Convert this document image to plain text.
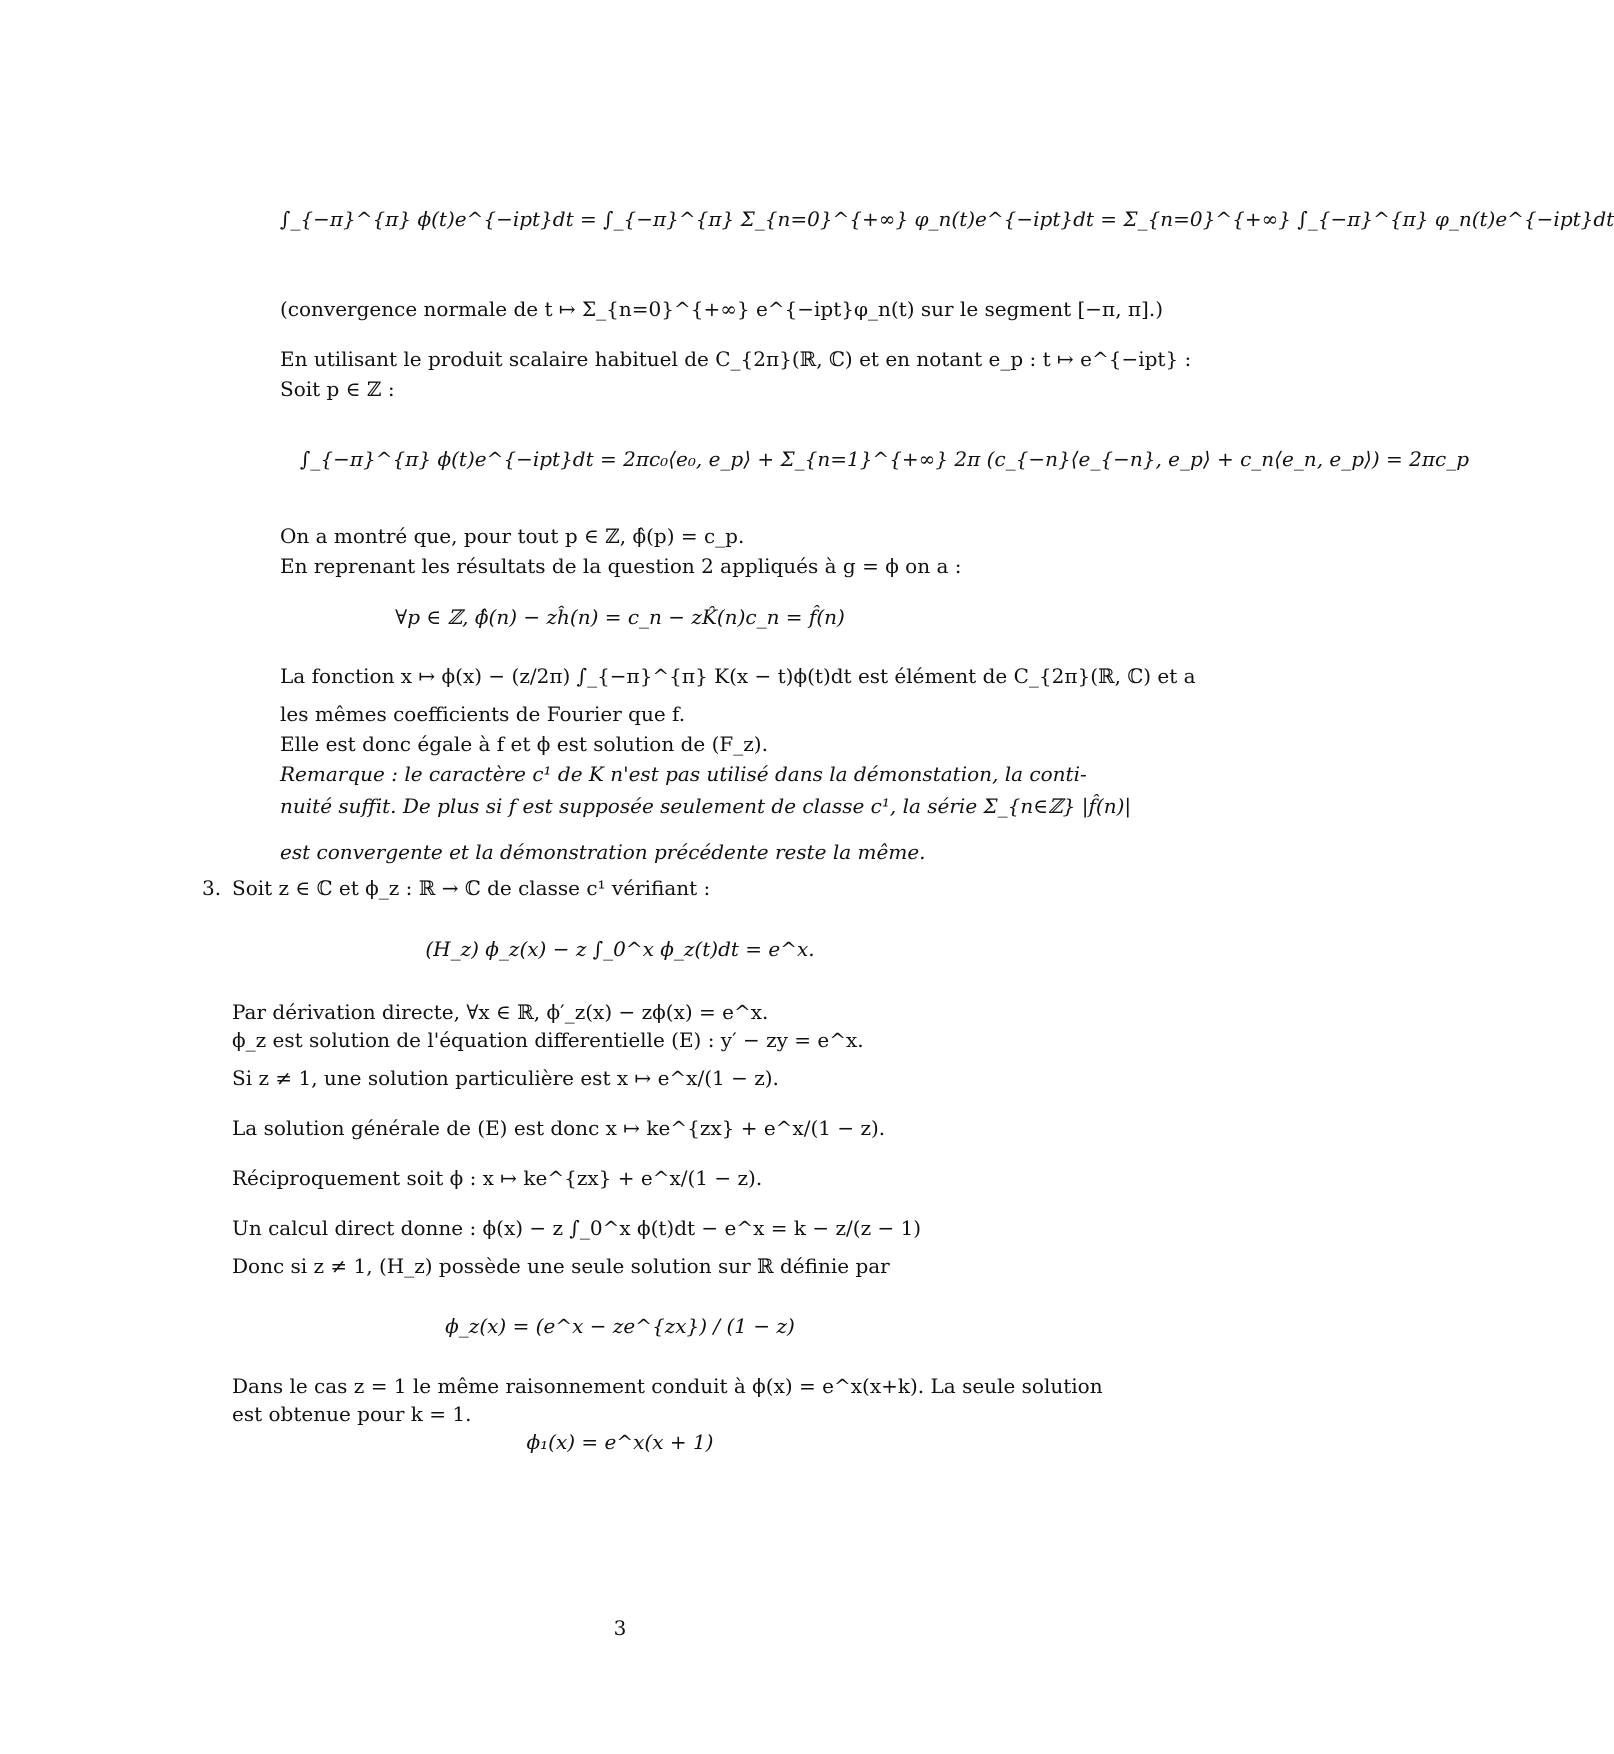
∫_{−π}^{π} ϕ(t)e^{−ipt}dt = ∫_{−π}^{π} Σ_{n=0}^{+∞} φ_n(t)e^{−ipt}dt = Σ_{n=0}^{+∞} ∫_{−π}^{π} φ_n(t)e^{−ipt}dt
(convergence normale de t ↦ Σ_{n=0}^{+∞} e^{−ipt}φ_n(t) sur le segment [−π, π].)
En utilisant le produit scalaire habituel de C_{2π}(ℝ, ℂ) et en notant e_p : t ↦ e^{−ipt} :
Soit p ∈ ℤ :
∫_{−π}^{π} ϕ(t)e^{−ipt}dt = 2πc₀⟨e₀, e_p⟩ + Σ_{n=1}^{+∞} 2π (c_{−n}⟨e_{−n}, e_p⟩ + c_n⟨e_n, e_p⟩) = 2πc_p
On a montré que, pour tout p ∈ ℤ, ϕ̂(p) = c_p.
En reprenant les résultats de la question 2 appliqués à g = ϕ on a :
∀p ∈ ℤ, ϕ̂(n) − zĥ(n) = c_n − zK̂(n)c_n = f̂(n)
La fonction x ↦ ϕ(x) − (z/2π) ∫_{−π}^{π} K(x − t)ϕ(t)dt est élément de C_{2π}(ℝ, ℂ) et a
les mêmes coefficients de Fourier que f.
Elle est donc égale à f et ϕ est solution de (F_z).
Remarque : le caractère c¹ de K n'est pas utilisé dans la démonstation, la conti-
nuité suffit. De plus si f est supposée seulement de classe c¹, la série Σ_{n∈ℤ} |f̂(n)|
est convergente et la démonstration précédente reste la même.
3. Soit z ∈ ℂ et ϕ_z : ℝ → ℂ de classe c¹ vérifiant :
(H_z) ϕ_z(x) − z ∫_0^x ϕ_z(t)dt = e^x.
Par dérivation directe, ∀x ∈ ℝ, ϕ′_z(x) − zϕ(x) = e^x.
ϕ_z est solution de l'équation differentielle (E) : y′ − zy = e^x.
Si z ≠ 1, une solution particulière est x ↦ e^x/(1 − z).
La solution générale de (E) est donc x ↦ ke^{zx} + e^x/(1 − z).
Réciproquement soit ϕ : x ↦ ke^{zx} + e^x/(1 − z).
Un calcul direct donne : ϕ(x) − z ∫_0^x ϕ(t)dt − e^x = k − z/(z − 1)
Donc si z ≠ 1, (H_z) possède une seule solution sur ℝ définie par
ϕ_z(x) = (e^x − ze^{zx}) / (1 − z)
Dans le cas z = 1 le même raisonnement conduit à ϕ(x) = e^x(x+k). La seule solution
est obtenue pour k = 1.
ϕ₁(x) = e^x(x + 1)
3
